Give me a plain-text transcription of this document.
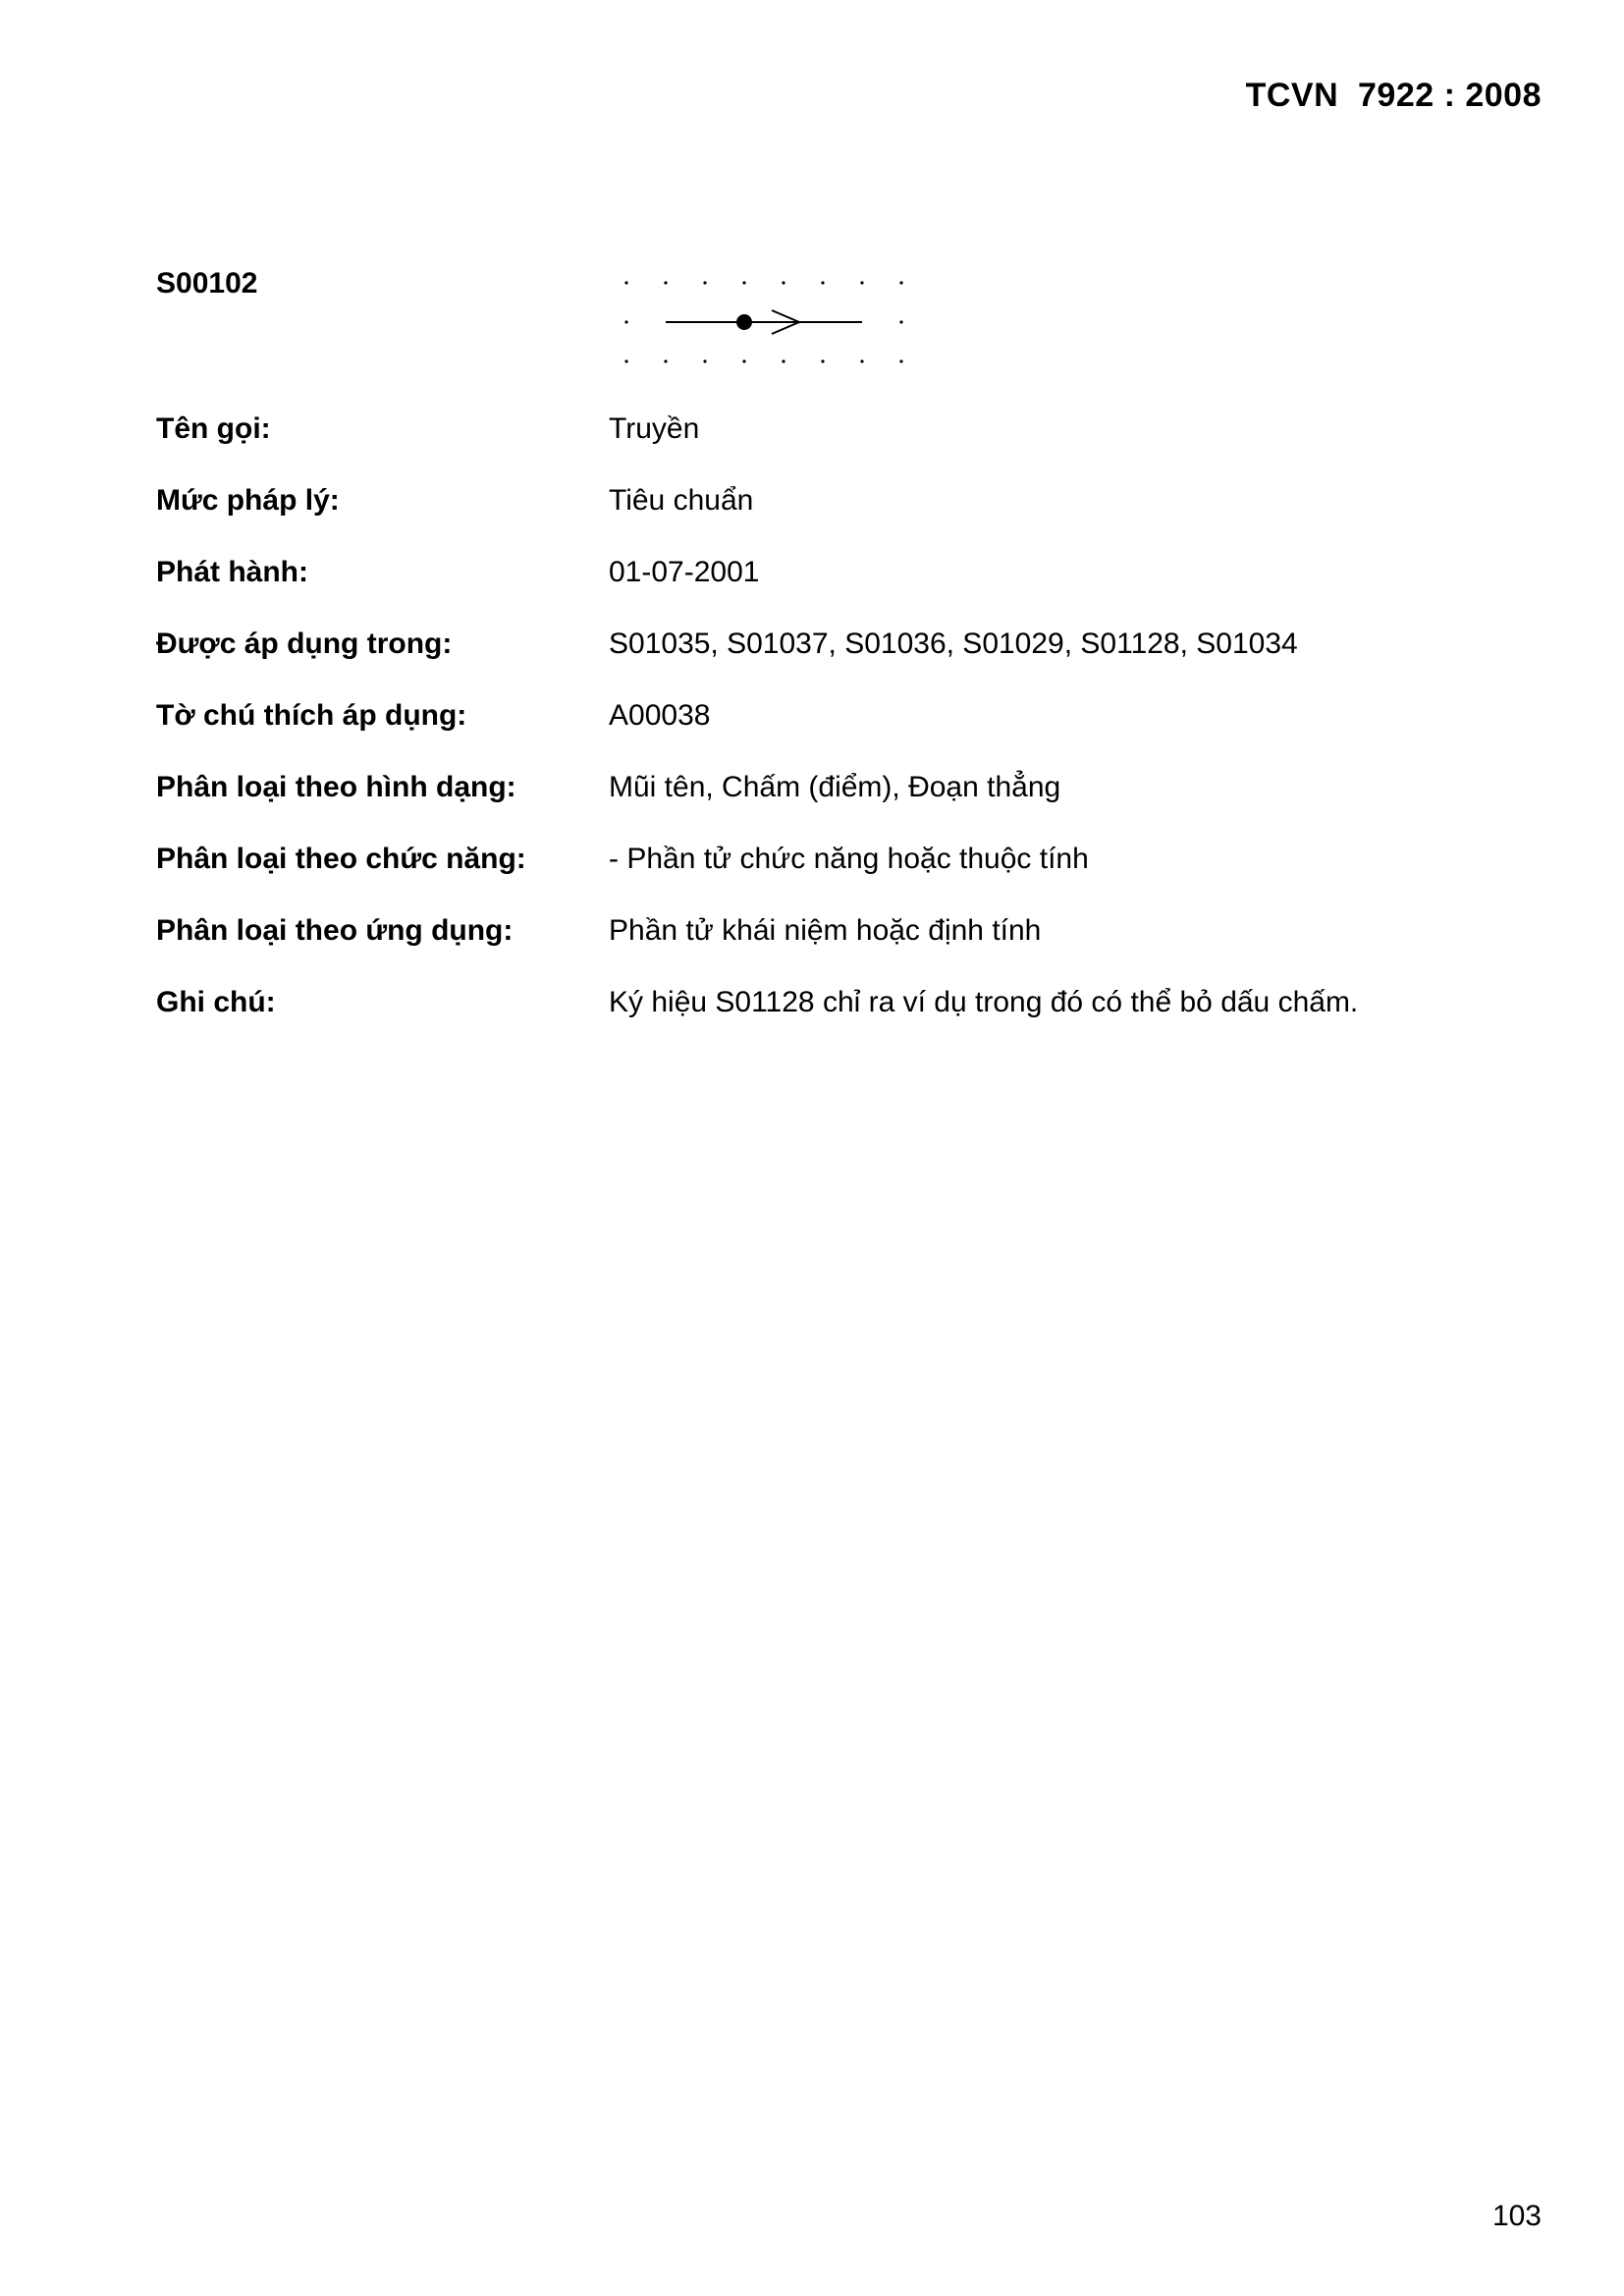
TCVN  7922 : 2008
S00102
Tên gọi:	Truyền
Mức pháp lý:	Tiêu chuẩn
Phát hành:	01-07-2001
Được áp dụng trong:	S01035, S01037, S01036, S01029, S01128, S01034
Tờ chú thích áp dụng:	A00038
Phân loại theo hình dạng:	Mũi tên, Chấm (điểm), Đoạn thẳng
Phân loại theo chức năng:	- Phần tử chức năng hoặc thuộc tính
Phân loại theo ứng dụng:	Phần tử khái niệm hoặc định tính
Ghi chú:	Ký hiệu S01128 chỉ ra ví dụ trong đó có thể bỏ dấu chấm.
103
